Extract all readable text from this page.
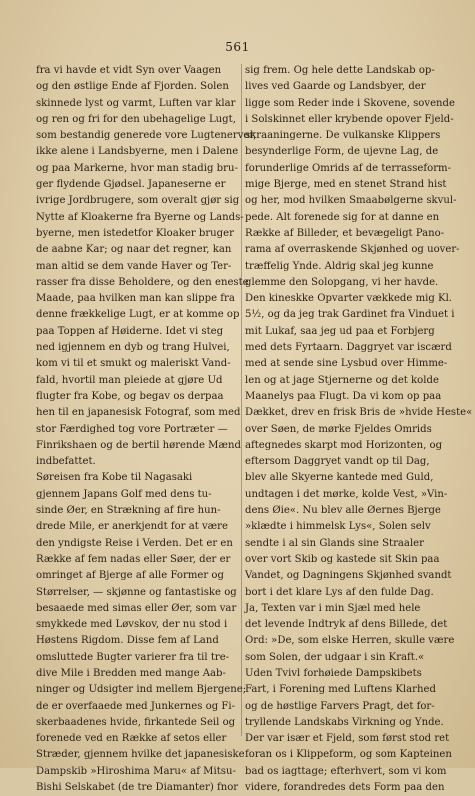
561
fra vi havde et vidt Syn over Vaagen
og den østlige Ende af Fjorden. Solen
skinnede lyst og varmt, Luften var klar
og ren og fri for den ubehagelige Lugt,
som bestandig generede vore Lugtenerver,
ikke alene i Landsbyerne, men i Dalene
og paa Markerne, hvor man stadig bru-
ger flydende Gjødsel. Japaneserne er
ivrige Jordbrugere, som overalt gjør sig
Nytte af Kloakerne fra Byerne og Lands-
byerne, men istedetfor Kloaker bruger
de aabne Kar; og naar det regner, kan
man altid se dem vande Haver og Ter-
rasser fra disse Beholdere, og den eneste
Maade, paa hvilken man kan slippe fra
denne frækkelige Lugt, er at komme op
paa Toppen af Høiderne. Idet vi steg
ned igjennem en dyb og trang Hulvei,
kom vi til et smukt og maleriskt Vand-
fald, hvortil man pleiede at gjøre Ud
flugter fra Kobe, og begav os derpaa
hen til en japanesisk Fotograf, som med
stor Færdighed tog vore Portræter —
Finrikshaen og de bertil hørende Mænd
indbefattet.
Søreisen fra Kobe til Nagasaki
gjennem Japans Golf med dens tu-
sinde Øer, en Strækning af fire hun-
drede Mile, er anerkjendt for at være
den yndigste Reise i Verden. Det er en
Række af fem nadas eller Søer, der er
omringet af Bjerge af alle Former og
Størrelser, — skjønne og fantastiske og
besaaede med simas eller Øer, som var
smykkede med Løvskov, der nu stod i
Høstens Rigdom. Disse fem af Land
omsluttede Bugter varierer fra til tre-
dive Mile i Bredden med mange Aab-
ninger og Udsigter ind mellem Bjergene;
de er overfaaede med Junkernes og Fi-
skerbaadenes hvide, firkantede Seil og
forenede ved en Række af setos eller
Stræder, gjennem hvilke det japanesiske
Dampskib »Hiroshima Maru« af Mitsu-
Bishi Selskabet (de tre Diamanter) fnor
sig frem. Og hele dette Landskab op-
lives ved Gaarde og Landsbyer, der
ligge som Reder inde i Skovene, sovende
i Solskinnet eller krybende opover Fjeld-
skraaningerne. De vulkanske Klippers
besynderlige Form, de ujevne Lag, de
forunderlige Omrids af de terrasseform-
mige Bjerge, med en stenet Strand hist
og her, mod hvilken Smaabølgerne skvul-
pede. Alt forenede sig for at danne en
Række af Billeder, et bevægeligt Pano-
rama af overraskende Skjønhed og uover-
træffelig Ynde. Aldrig skal jeg kunne
glemme den Solopgang, vi her havde.
Den kineskke Opvarter vækkede mig Kl.
5½, og da jeg trak Gardinet fra Vinduet i
mit Lukaf, saa jeg ud paa et Forbjerg
med dets Fyrtaarn. Daggryet var iscærd
med at sende sine Lysbud over Himme-
len og at jage Stjernerne og det kolde
Maanelys paa Flugt. Da vi kom op paa
Dækket, drev en frisk Bris de »hvide Heste«
over Søen, de mørke Fjeldes Omrids
aftegnedes skarpt mod Horizonten, og
eftersom Daggryet vandt op til Dag,
blev alle Skyerne kantede med Guld,
undtagen i det mørke, kolde Vest, »Vin-
dens Øie«. Nu blev alle Øernes Bjerge
»klædte i himmelsk Lys«, Solen selv
sendte i al sin Glands sine Straaler
over vort Skib og kastede sit Skin paa
Vandet, og Dagningens Skjønhed svandt
bort i det klare Lys af den fulde Dag.
Ja, Texten var i min Sjæl med hele
det levende Indtryk af dens Billede, det
Ord: »De, som elske Herren, skulle være
som Solen, der udgaar i sin Kraft.«
Uden Tvivl forhøiede Dampskibets
Fart, i Forening med Luftens Klarhed
og de høstlige Farvers Pragt, det for-
tryllende Landskabs Virkning og Ynde.
Der var især et Fjeld, som først stod ret
foran os i Klippeform, og som Kapteinen
bad os iagttage; efterhvert, som vi kom
videre, forandredes dets Form paa den
